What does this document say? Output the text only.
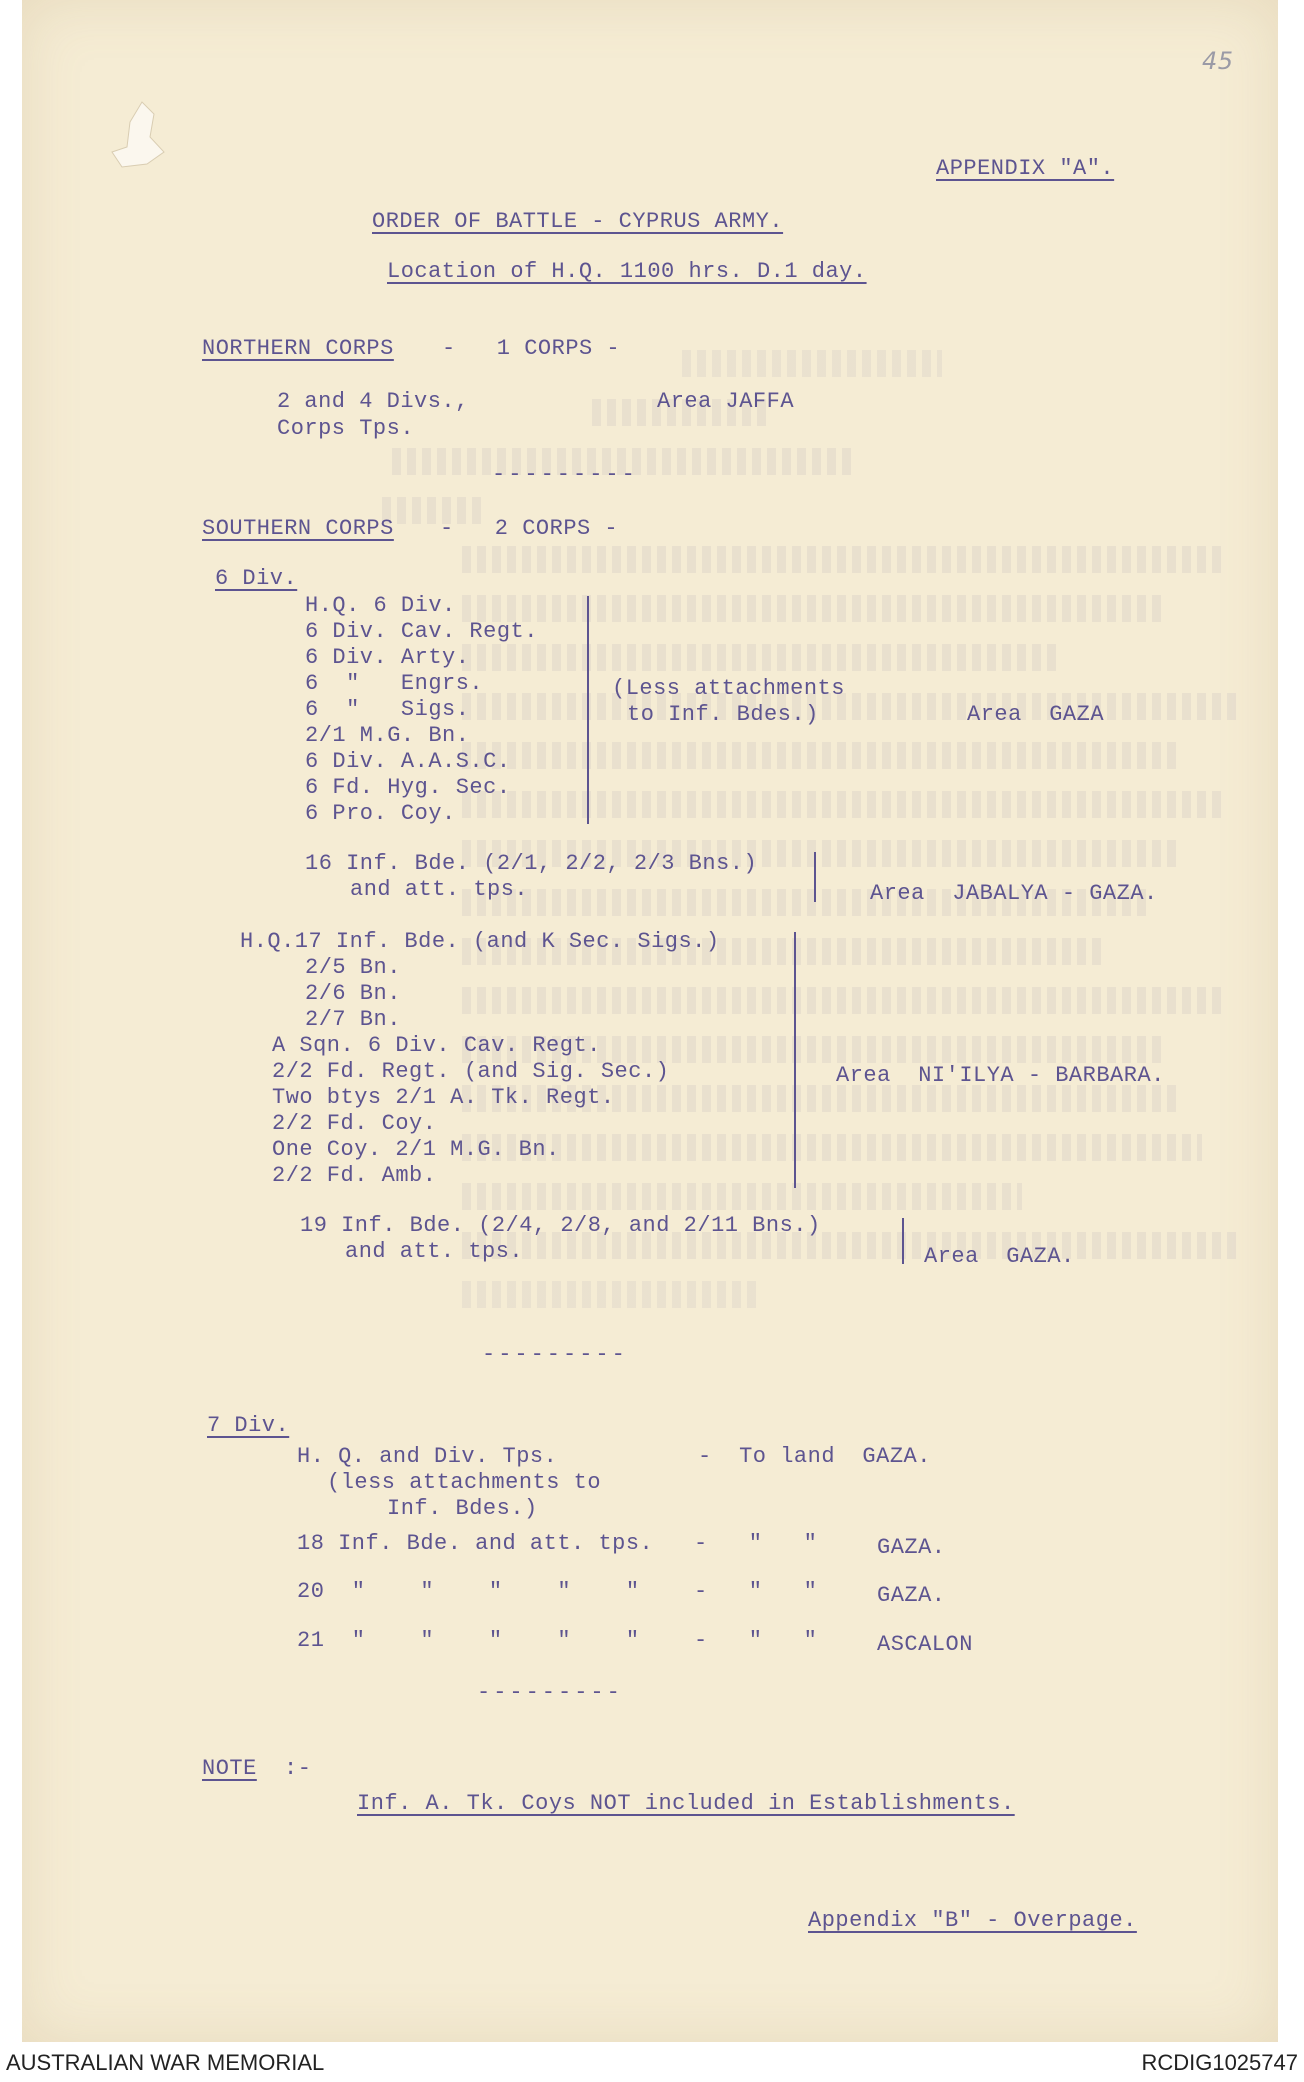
45
APPENDIX "A".
ORDER OF BATTLE - CYPRUS ARMY.
Location of H.Q. 1100 hrs. D.1 day.
NORTHERN CORPS -   1 CORPS -
2 and 4 Divs.,
Corps Tps.
Area JAFFA
---------
SOUTHERN CORPS -   2 CORPS -
6 Div.
H.Q. 6 Div.
6 Div. Cav. Regt.
6 Div. Arty.
6  "   Engrs.
6  "   Sigs.
2/1 M.G. Bn.
6 Div. A.A.S.C.
6 Fd. Hyg. Sec.
6 Pro. Coy.
(Less attachments
to Inf. Bdes.)	Area  GAZA
16 Inf. Bde. (2/1, 2/2, 2/3 Bns.)
and att. tps.	Area  JABALYA - GAZA.
H.Q.17 Inf. Bde. (and K Sec. Sigs.)
2/5 Bn.
2/6 Bn.
2/7 Bn.
A Sqn. 6 Div. Cav. Regt.
2/2 Fd. Regt. (and Sig. Sec.)
Two btys 2/1 A. Tk. Regt.
2/2 Fd. Coy.
One Coy. 2/1 M.G. Bn.
2/2 Fd. Amb.
Area  NI'ILYA - BARBARA.
19 Inf. Bde. (2/4, 2/8, and 2/11 Bns.)
and att. tps.	Area  GAZA.
---------
7 Div.
H. Q. and Div. Tps.
(less attachments to
Inf. Bdes.)
-  To land  GAZA.
18 Inf. Bde. and att. tps. -   "   "	GAZA.
20  "    "    "    "    " -   "   "	GAZA.
21  "    "    "    "    " -   "   "	ASCALON
---------
NOTE :-
Inf. A. Tk. Coys NOT included in Establishments.
Appendix "B" - Overpage.
AUSTRALIAN WAR MEMORIAL	RCDIG1025747
